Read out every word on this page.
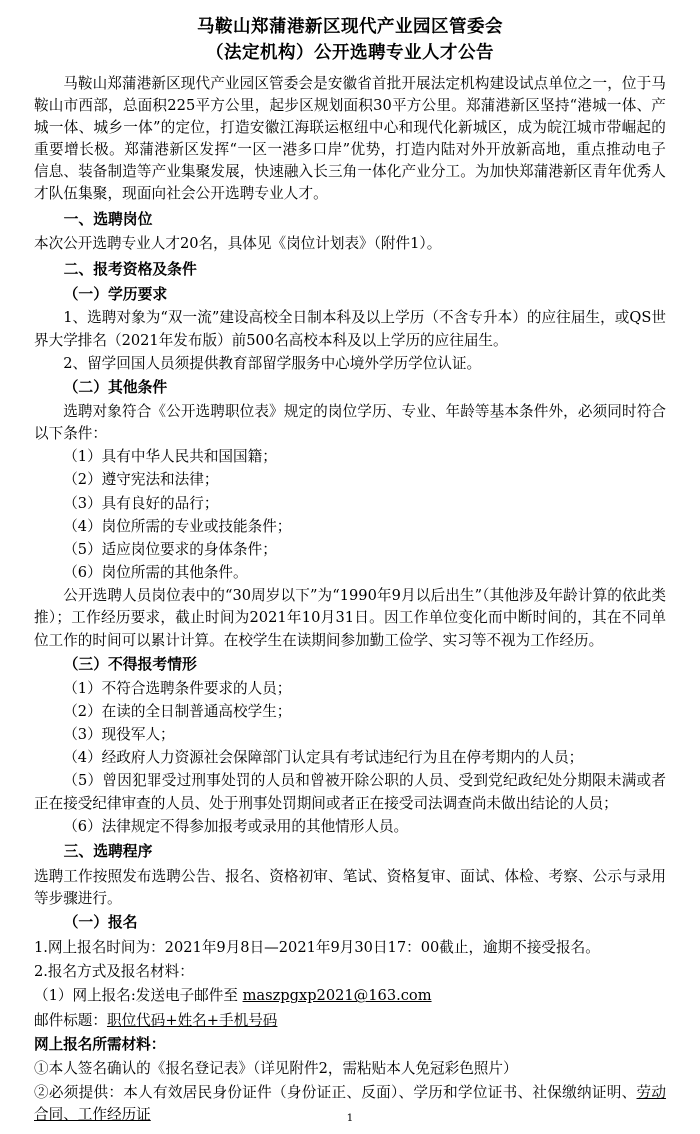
马鞍山郑蒲港新区现代产业园区管委会
（法定机构）公开选聘专业人才公告

马鞍山郑蒲港新区现代产业园区管委会是安徽省首批开展法定机构建设试点单位之一，位于马鞍山市西部，总面积225平方公里，起步区规划面积30平方公里。郑蒲港新区坚持“港城一体、产城一体、城乡一体”的定位，打造安徽江海联运枢纽中心和现代化新城区，成为皖江城市带崛起的重要增长极。郑蒲港新区发挥“一区一港多口岸”优势，打造内陆对外开放新高地，重点推动电子信息、装备制造等产业集聚发展，快速融入长三角一体化产业分工。为加快郑蒲港新区青年优秀人才队伍集聚，现面向社会公开选聘专业人才。

一、选聘岗位

本次公开选聘专业人才20名，具体见《岗位计划表》（附件1）。

二、报考资格及条件

（一）学历要求

1、选聘对象为“双一流”建设高校全日制本科及以上学历（不含专升本）的应往届生，或QS世界大学排名（2021年发布版）前500名高校本科及以上学历的应往届生。

2、留学回国人员须提供教育部留学服务中心境外学历学位认证。

（二）其他条件

选聘对象符合《公开选聘职位表》规定的岗位学历、专业、年龄等基本条件外，必须同时符合以下条件：

（1）具有中华人民共和国国籍；

（2）遵守宪法和法律；

（3）具有良好的品行；

（4）岗位所需的专业或技能条件；

（5）适应岗位要求的身体条件；

（6）岗位所需的其他条件。

公开选聘人员岗位表中的“30周岁以下”为“1990年9月以后出生”（其他涉及年龄计算的依此类推）；工作经历要求，截止时间为2021年10月31日。因工作单位变化而中断时间的，其在不同单位工作的时间可以累计计算。在校学生在读期间参加勤工俭学、实习等不视为工作经历。

（三）不得报考情形

（1）不符合选聘条件要求的人员；

（2）在读的全日制普通高校学生；

（3）现役军人；

（4）经政府人力资源社会保障部门认定具有考试违纪行为且在停考期内的人员；

（5）曾因犯罪受过刑事处罚的人员和曾被开除公职的人员、受到党纪政纪处分期限未满或者正在接受纪律审查的人员、处于刑事处罚期间或者正在接受司法调查尚未做出结论的人员；

（6）法律规定不得参加报考或录用的其他情形人员。

三、选聘程序

选聘工作按照发布选聘公告、报名、资格初审、笔试、资格复审、面试、体检、考察、公示与录用等步骤进行。

（一）报名

1.网上报名时间为：2021年9月8日—2021年9月30日17：00截止，逾期不接受报名。

2.报名方式及报名材料：

（1）网上报名:发送电子邮件至 maszpgxp2021@163.com

邮件标题：职位代码+姓名+手机号码

网上报名所需材料：

①本人签名确认的《报名登记表》（详见附件2，需粘贴本人免冠彩色照片）

②必须提供：本人有效居民身份证件（身份证正、反面）、学历和学位证书、社保缴纳证明、劳动合同、工作经历证	1
